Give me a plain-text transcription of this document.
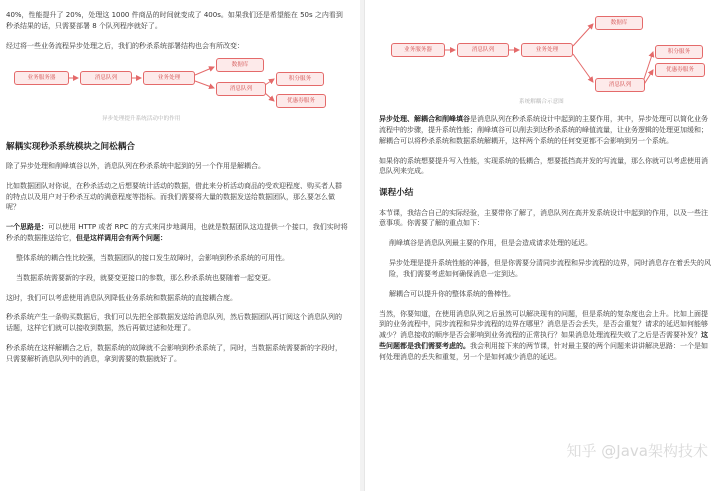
40%，性能提升了 20%，处理这 1000 件商品的时间就变成了 400s。如果我们还是希望能在 50s 之内看到秒杀结果的话，只需要部署 8 个队列程序就好了。

经过将一些业务流程异步处理之后，我们的秒杀系统部署结构也会有所改变：

业务服务器	消息队列	业务处理
数据库
消息队列
积分服务
优惠券服务
异步处理提升系统活动中的作用
解耦实现秒杀系统模块之间松耦合

除了异步处理和削峰填谷以外，消息队列在秒杀系统中起到的另一个作用是解耦合。

比如数据团队对你说，在秒杀活动之后想要统计活动的数据，借此来分析活动商品的受欢迎程度、购买者人群的特点以及用户对于秒杀互动的满意程度等指标。而我们需要将大量的数据发送给数据团队，那么要怎么做呢？

一个思路是：可以使用 HTTP 或者 RPC 的方式来同步地调用，也就是数据团队这边提供一个接口，我们实时将秒杀的数据推送给它，但是这样调用会有两个问题：

整体系统的耦合性比较强，当数据团队的接口发生故障时，会影响到秒杀系统的可用性。

当数据系统需要新的字段，就要变更接口的参数，那么秒杀系统也要随着一起变更。

这时，我们可以考虑使用消息队列降低业务系统和数据系统的直接耦合度。

秒杀系统产生一条购买数据后，我们可以先把全部数据发送给消息队列，然后数据团队再订阅这个消息队列的话题，这样它们就可以接收到数据，然后再做过滤和处理了。

秒杀系统在这样解耦合之后，数据系统的故障就不会影响到秒杀系统了，同时，当数据系统需要新的字段时，只需要解析消息队列中的消息，拿到需要的数据就好了。

业务服务器	消息队列	业务处理
数据库
消息队列
积分服务
优惠券服务
系统解耦合示意图

异步处理、解耦合和削峰填谷是消息队列在秒杀系统设计中起到的主要作用，其中，异步处理可以简化业务流程中的步骤，提升系统性能；削峰填谷可以削去到达秒杀系统的峰值流量，让业务逻辑的处理更加缓和；解耦合可以将秒杀系统和数据系统解耦开，这样两个系统的任何变更都不会影响到另一个系统。

如果你的系统想要提升写入性能，实现系统的低耦合，想要抵挡高并发的写流量，那么你就可以考虑使用消息队列来完成。

课程小结

本节课，我结合自己的实际经验，主要带你了解了，消息队列在高并发系统设计中起到的作用，以及一些注意事项。你需要了解的重点如下：

削峰填谷是消息队列最主要的作用，但是会造成请求处理的延迟。

异步处理是提升系统性能的神器，但是你需要分清同步流程和异步流程的边界，同时消息存在着丢失的风险，我们需要考虑如何确保消息一定到达。

解耦合可以提升你的整体系统的鲁棒性。

当然，你要知道，在使用消息队列之后虽然可以解决现有的问题，但是系统的复杂度也会上升。比如上面提到的业务流程中，同步流程和异步流程的边界在哪里？消息是否会丢失，是否会重复？请求的延迟如何能够减少？消息接收的顺序是否会影响到业务流程的正常执行？如果消息处理流程失败了之后是否需要补发？这些问题都是我们需要考虑的。我会利用接下来的两节课，针对最主要的两个问题来讲讲解决思路：一个是如何处理消息的丢失和重复，另一个是如何减少消息的延迟。

知乎 @Java架构技术
